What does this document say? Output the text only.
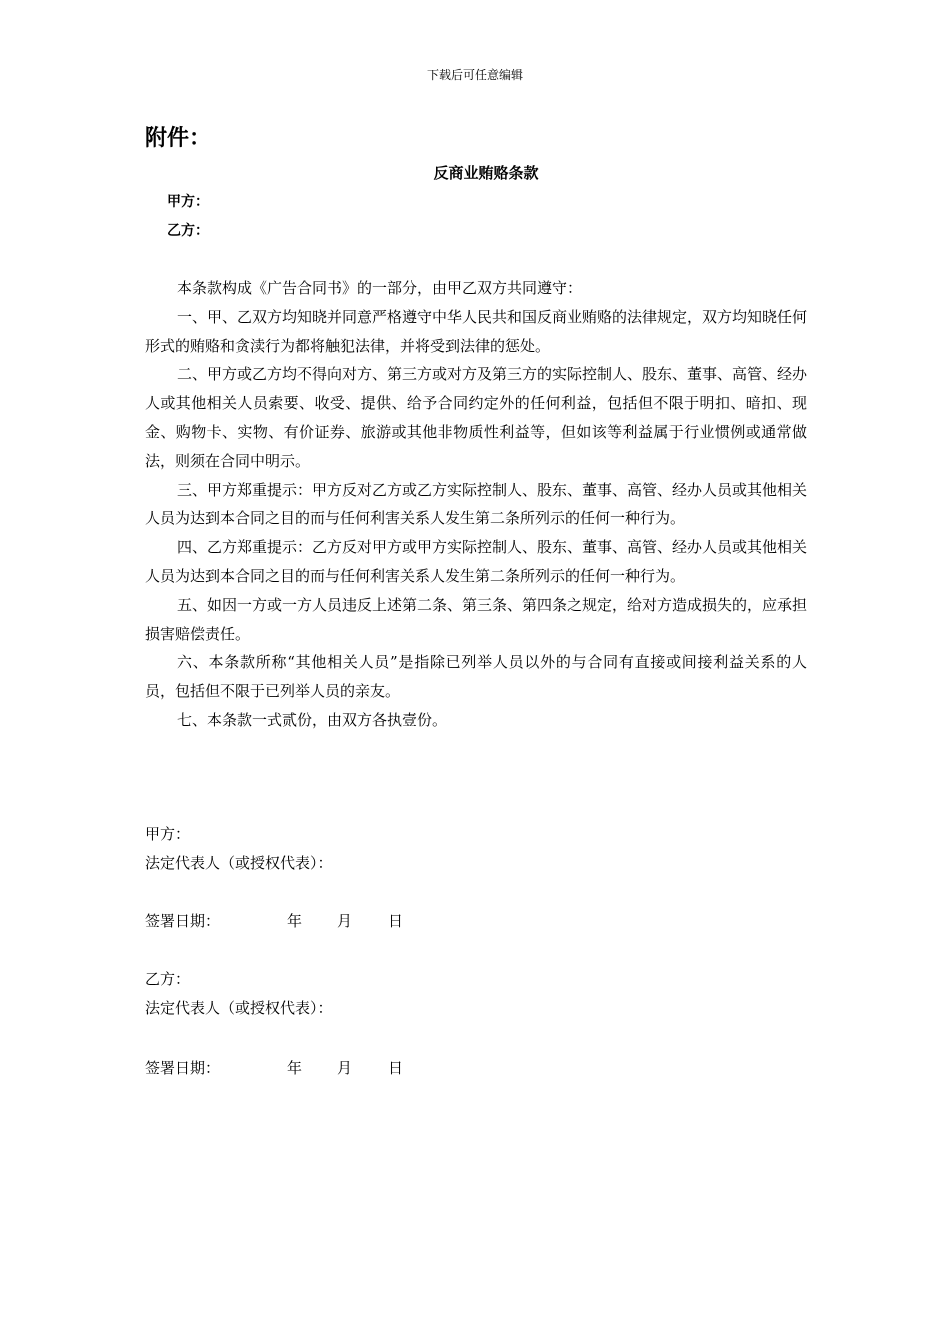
下载后可任意编辑
附件：
反商业贿赂条款
甲方：
乙方：

本条款构成《广告合同书》的一部分，由甲乙双方共同遵守：

一、甲、乙双方均知晓并同意严格遵守中华人民共和国反商业贿赂的法律规定，双方均知晓任何形式的贿赂和贪渎行为都将触犯法律，并将受到法律的惩处。

二、甲方或乙方均不得向对方、第三方或对方及第三方的实际控制人、股东、董事、高管、经办人或其他相关人员索要、收受、提供、给予合同约定外的任何利益，包括但不限于明扣、暗扣、现金、购物卡、实物、有价证券、旅游或其他非物质性利益等，但如该等利益属于行业惯例或通常做法，则须在合同中明示。

三、甲方郑重提示：甲方反对乙方或乙方实际控制人、股东、董事、高管、经办人员或其他相关人员为达到本合同之目的而与任何利害关系人发生第二条所列示的任何一种行为。

四、乙方郑重提示：乙方反对甲方或甲方实际控制人、股东、董事、高管、经办人员或其他相关人员为达到本合同之目的而与任何利害关系人发生第二条所列示的任何一种行为。

五、如因一方或一方人员违反上述第二条、第三条、第四条之规定，给对方造成损失的，应承担损害赔偿责任。

六、本条款所称“其他相关人员”是指除已列举人员以外的与合同有直接或间接利益关系的人员，包括但不限于已列举人员的亲友。

七、本条款一式贰份，由双方各执壹份。

甲方：
法定代表人（或授权代表）：
签署日期：	年 月 日
乙方：
法定代表人（或授权代表）：
签署日期：	年 月 日
